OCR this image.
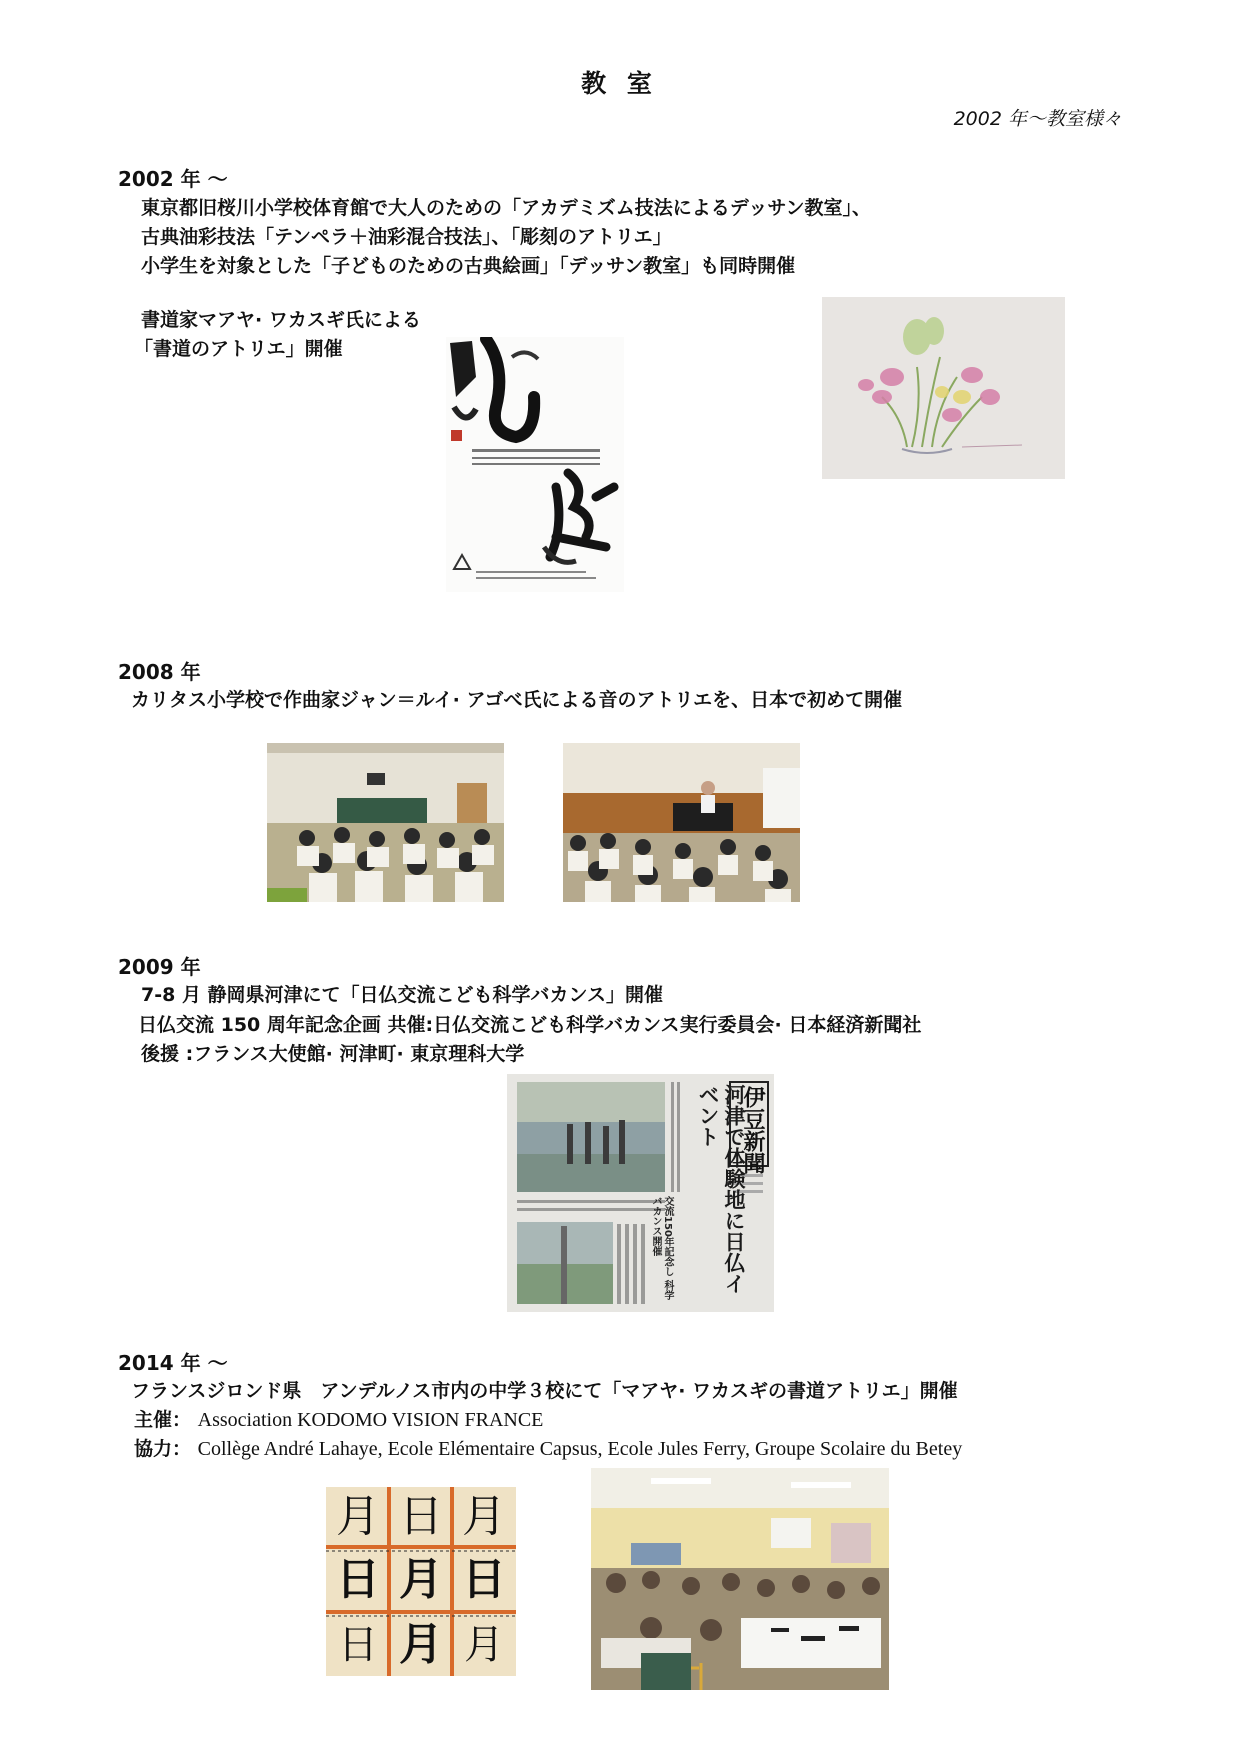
教 室
2002 年〜教室様々
2002 年 〜
東京都旧桜川小学校体育館で大人のための「アカデミズム技法によるデッサン教室」、
古典油彩技法「テンペラ＋油彩混合技法」、「彫刻のアトリエ」
小学生を対象とした「子どものための古典絵画」「デッサン教室」も同時開催
書道家マアヤ· ワカスギ氏による
「書道のアトリエ」開催
2008 年
カリタス小学校で作曲家ジャン＝ルイ· アゴべ氏による音のアトリエを、日本で初めて開催
2009 年
7-8 月 静岡県河津にて「日仏交流こども科学バカンス」開催
日仏交流 150 周年記念企画 共催:日仏交流こども科学バカンス実行委員会· 日本経済新聞社
後援 :フランス大使館· 河津町· 東京理科大学
伊豆新聞
河津で体験地に日仏イベント
交流150年記念し 科学バカンス開催
2014 年 〜
フランスジロンド県　アンデルノス市内の中学３校にて「マアヤ· ワカスギの書道アトリエ」開催
主催： Association KODOMO VISION FRANCE
協力： Collège André Lahaye, Ecole Elémentaire Capsus, Ecole Jules Ferry, Groupe Scolaire du Betey
月 日 月
日 月 日
日 月 月
